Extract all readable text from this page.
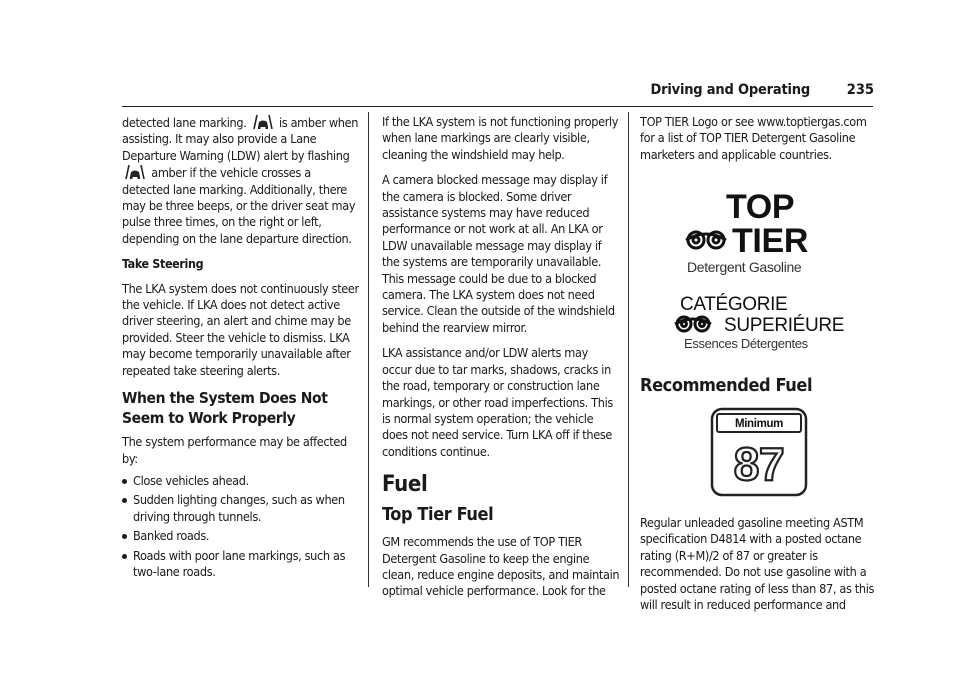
Driving and Operating	235

detected lane marking.	is amber when assisting. It may also provide a Lane Departure Warning (LDW) alert by flashing  amber if the vehicle crosses a detected lane marking. Additionally, there may be three beeps, or the driver seat may pulse three times, on the right or left, depending on the lane departure direction.

Take Steering

The LKA system does not continuously steer the vehicle. If LKA does not detect active driver steering, an alert and chime may be provided. Steer the vehicle to dismiss. LKA may become temporarily unavailable after repeated take steering alerts.

When the System Does Not Seem to Work Properly

The system performance may be affected by:

Close vehicles ahead.
Sudden lighting changes, such as when driving through tunnels.
Banked roads.
Roads with poor lane markings, such as two-lane roads.

If the LKA system is not functioning properly when lane markings are clearly visible, cleaning the windshield may help.

A camera blocked message may display if the camera is blocked. Some driver assistance systems may have reduced performance or not work at all. An LKA or LDW unavailable message may display if the systems are temporarily unavailable. This message could be due to a blocked camera. The LKA system does not need service. Clean the outside of the windshield behind the rearview mirror.

LKA assistance and/or LDW alerts may occur due to tar marks, shadows, cracks in the road, temporary or construction lane markings, or other road imperfections. This is normal system operation; the vehicle does not need service. Turn LKA off if these conditions continue.

Fuel
Top Tier Fuel

GM recommends the use of TOP TIER Detergent Gasoline to keep the engine clean, reduce engine deposits, and maintain optimal vehicle performance. Look for the

TOP TIER Logo or see www.toptiergas.com for a list of TOP TIER Detergent Gasoline marketers and applicable countries.

TOP
TIER
Detergent Gasoline
CATÉGORIE
SUPERIÉURE
Essences Détergentes
Recommended Fuel
Minimum
87

Regular unleaded gasoline meeting ASTM specification D4814 with a posted octane rating (R+M)/2 of 87 or greater is recommended. Do not use gasoline with a posted octane rating of less than 87, as this will result in reduced performance and
